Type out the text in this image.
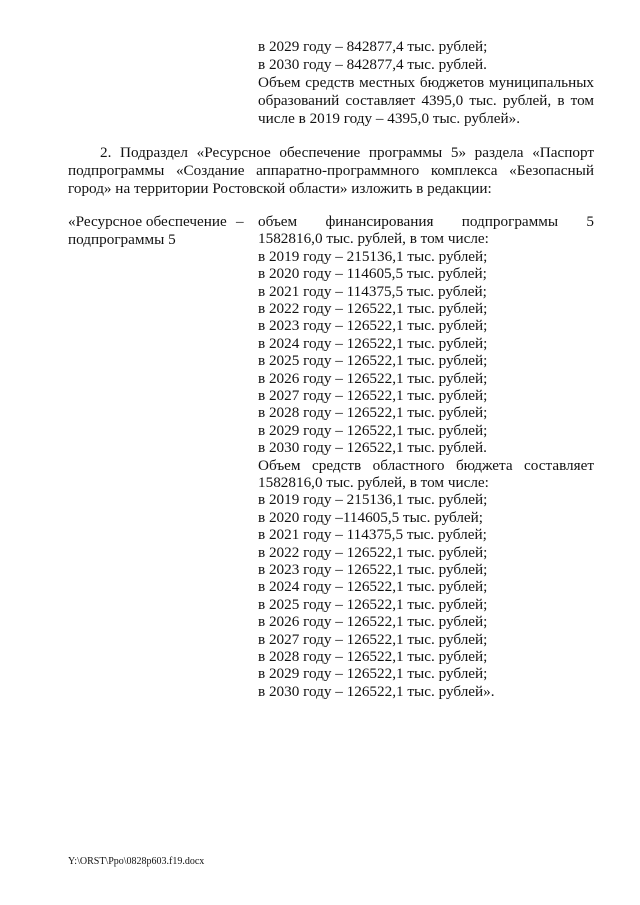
в 2029 году – 842877,4 тыс. рублей;
в 2030 году – 842877,4 тыс. рублей.
Объем средств местных бюджетов муниципальных
образований составляет 4395,0 тыс. рублей, в том
числе в 2019 году – 4395,0 тыс. рублей».
2. Подраздел «Ресурсное обеспечение программы 5» раздела «Паспорт
подпрограммы «Создание аппаратно-программного комплекса «Безопасный
город» на территории Ростовской области» изложить в редакции:
«Ресурсное обеспечение
подпрограммы 5
– объем финансирования подпрограммы 5
1582816,0 тыс. рублей, в том числе:
в 2019 году – 215136,1 тыс. рублей;
в 2020 году – 114605,5 тыс. рублей;
в 2021 году – 114375,5 тыс. рублей;
в 2022 году – 126522,1 тыс. рублей;
в 2023 году – 126522,1 тыс. рублей;
в 2024 году – 126522,1 тыс. рублей;
в 2025 году – 126522,1 тыс. рублей;
в 2026 году – 126522,1 тыс. рублей;
в 2027 году – 126522,1 тыс. рублей;
в 2028 году – 126522,1 тыс. рублей;
в 2029 году – 126522,1 тыс. рублей;
в 2030 году – 126522,1 тыс. рублей.
Объем средств областного бюджета составляет
1582816,0 тыс. рублей, в том числе:
в 2019 году – 215136,1 тыс. рублей;
в 2020 году –114605,5 тыс. рублей;
в 2021 году – 114375,5 тыс. рублей;
в 2022 году – 126522,1 тыс. рублей;
в 2023 году – 126522,1 тыс. рублей;
в 2024 году – 126522,1 тыс. рублей;
в 2025 году – 126522,1 тыс. рублей;
в 2026 году – 126522,1 тыс. рублей;
в 2027 году – 126522,1 тыс. рублей;
в 2028 году – 126522,1 тыс. рублей;
в 2029 году – 126522,1 тыс. рублей;
в 2030 году – 126522,1 тыс. рублей».
Y:\ORST\Ppo\0828p603.f19.docx
